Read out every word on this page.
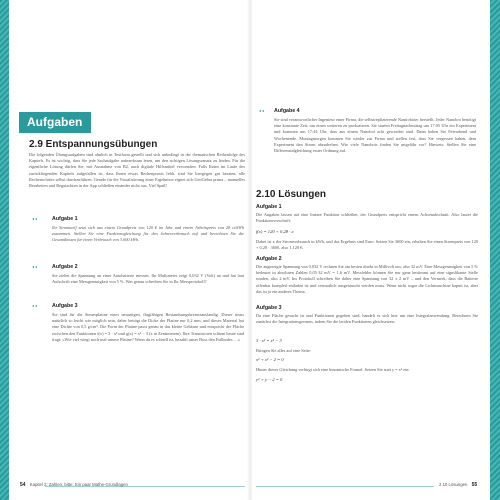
Aufgaben
2.9 Entspannungsübungen
Die folgenden Übungsaufgaben sind ahnlich in Textform gestellt und sich unbedingt in der thematischen Reihenfolge des Kapitels. Es ist wichtig, dass Sie jede Sachaufgabe aufmerksam lesen, um den richtigen Lösungsansatz zu finden. Für die eigentliche Lösung dürfen Sie, mit Ausnahme von B2, auch digitale Hilfsmittel verwenden. Falls Ihnen im Laufe des zurückliegenden Kapitels aufgefallen ist, dass Ihnen etwas Rechenpraxis fehlt, sind Sie hiergegen gut beraten, alle Rechenschritte selbst durchzuführen. Gerade für die Visualisierung einer Ergebnisse eignet sich GeoGebra prima – manuelles Bearbeiten und Begutachten in der App schließen einander nicht aus. Viel Spaß!
Aufgabe 1
Ihr Stromtarif setzt sich aus einem Grundpreis von 120 € im Jahr und einem Arbeitspreis von 28 ct/kWh zusammen. Stellen Sie eine Funktionsgleichung für den Jahresverbrauch auf und berechnen Sie die Gesamtkosten für einen Verbrauch von 3.600 kWh.
Aufgabe 2
Sie zielen die Spannung an einer Autobatterie messen. Ihr Multimeter zeigt 0,032 V (Volt) an und hat laut Aufschrift eine Messgenauigkeit von 5 %. Was genau schreiben Sie in Ihr Messprotokoll?
Aufgabe 3
Sie sind für die Steuerplatine eines neuartigen, flugfähigen Bestandsungsbremssauslandig. Dieser muss natürlich so leicht wie möglich sein, daher beträgt die Dicke der Platine nur 0,2 mm, und dieses Material hat eine Dichte von 0,5 g/cm³. Die Form der Platine passt genau in das kleine Gehäuse und entspricht der Fläche zwischen den Funktionen f(x) = 3 · x² und g(x) = x² − 3 (x in Zentimetern). Ihre Transistoren schient heute sind fragt: »Wie viel wiegt noch mal unsere Platine? Wenn du es schnell ist, bezahlt unser Boss den Fußbodes …«
54 Kapitel 2: Zahlen, bitte: Ein paar Mathe-Grundlagen
Aufgabe 4
Sie sind verantwortlicher Ingenieur einer Firma, die selbstreplizierende Naniroboter herstellt. Jeder Nanobot benötigt eine konstante Zeit, um einen weiteren zu produzieren. Sie starten Freitagnachmittag um 17:05 Uhr ein Experiment und kommen um 17:44 Uhr, dass aus einem Nanobot acht geworden sind. Dann haben Sie Feierabend und Wochenende. Montagmorgen kommen Sie wieder zur Firma und stellen fest, dass Sie vergessen haben, dem Experiment den Strom abzudrehen. Wie viele Nanobots finden Sie ungefähr vor? Hinweis: Stellen Sie eine Differenzialgleichung erster Ordnung auf.
2.10 Lösungen
Aufgabe 1
Die Angaben lassen auf eine lineare Funktion schließen, der Grundpreis entspricht einem Achsenabschnitt. Also lautet die Funktionsvorschrift:
f(x) = 120 + 0,28 · x
Dabei ist x der Stromverbrauch in kWh, und das Ergebnis sind Euro. Setzen Sie 3600 ein, erhalten Sie einen Strompreis von 120 + 0,28 · 3600, also 1.128 €.
Aufgabe 2
Die angezeigte Spannung von 0,032 V rechnen Sie am besten direkt in Millivolt um, also 32 mV. Eine Messgenauigkeit von 5 % bedeutet in absoluten Zahlen 0,05·32 mV = 1,6 mV. Messfehler können Sie nur ganz bestimmt auf eine signifikante Stelle runden, also 2 mV. Ins Protokoll schreiben Sie daher eine Spannung von 32 ± 2 mV – und den Vermerk, dass die Batterie offenbar komplett entladen ist und vermutlich ausgetauscht werden muss. Wenn nicht sogar die Lichtmaschine kaputt ist, aber das ist ja ein anderes Thema.
Aufgabe 3
Da eine Fläche gesucht ist und Funktionen gegeben sind, handelt es sich hier um eine Integralanwendung. Berechnen Sie zunächst die Integrationsgrenzen, indem Sie die beiden Funktionen gleichsetzen:
3 · x² = x² − 3
Bringen Sie alles auf eine Seite:
x² + x² − 2 = 0
Hinter dieser Gleichung verbirgt sich eine binomische Formel. Setzen Sie statt y = x² ein:
y² + y − 2 = 0
2.10 Lösungen 55
